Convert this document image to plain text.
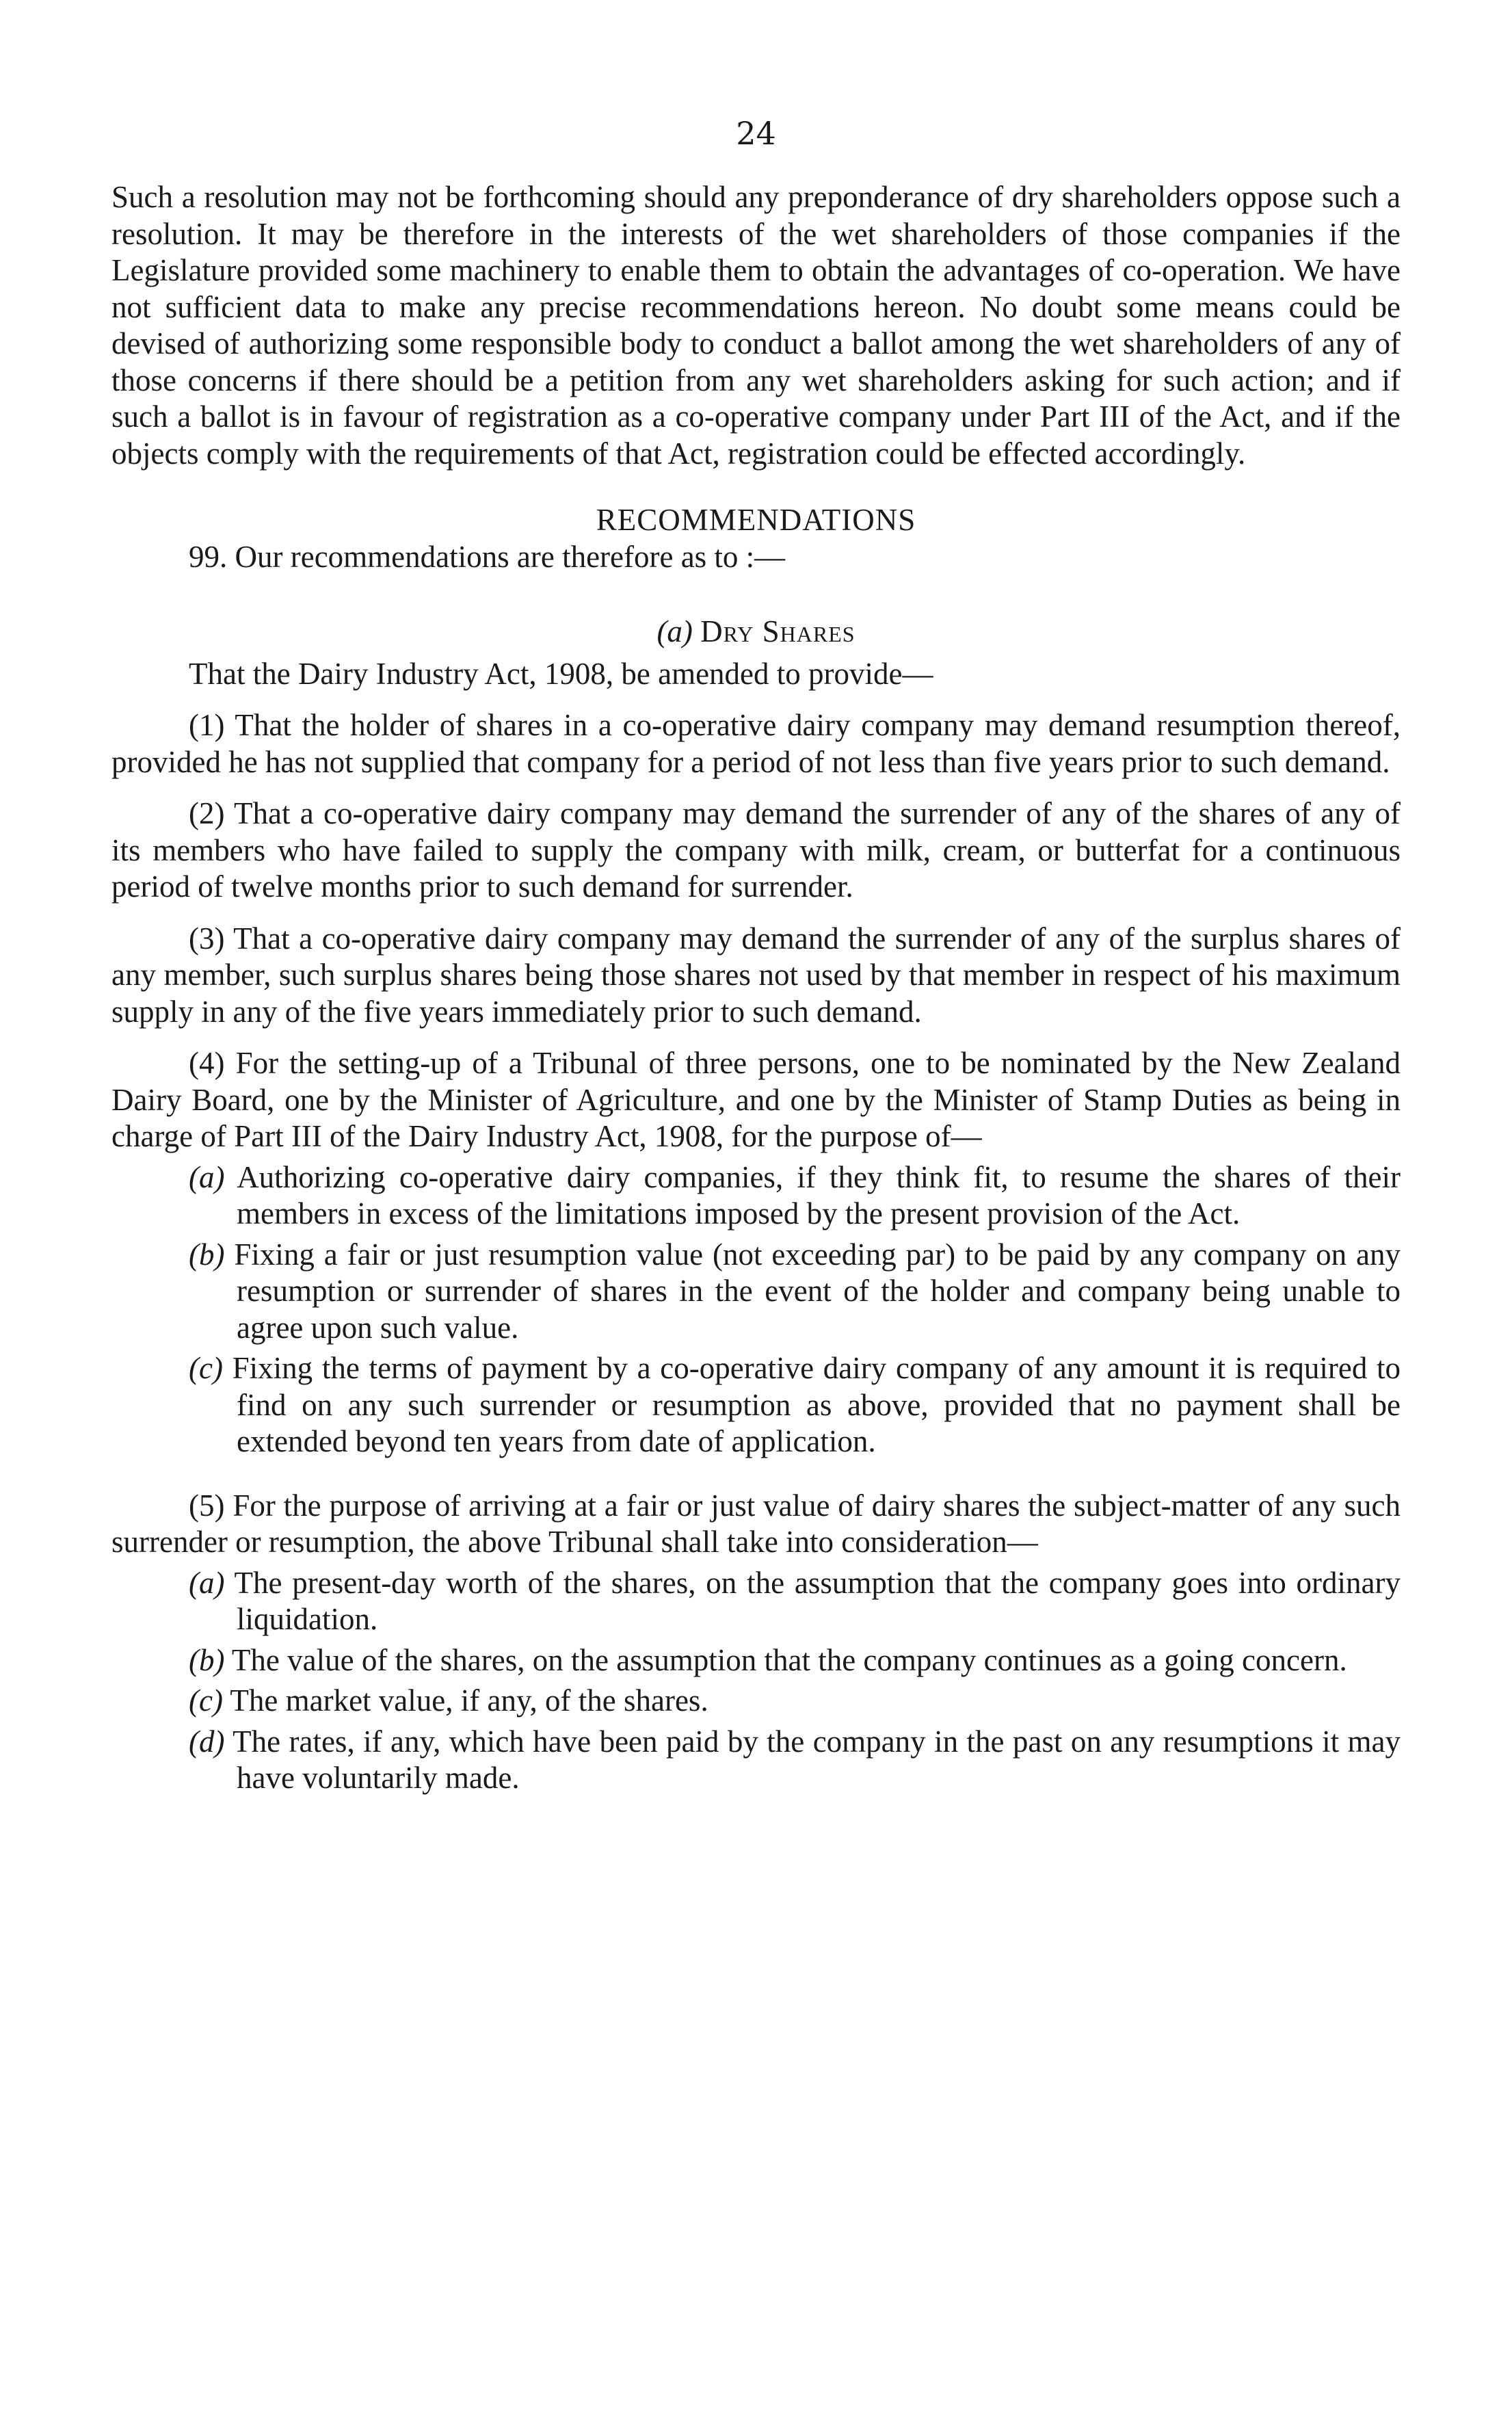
24

Such a resolution may not be forthcoming should any preponderance of dry shareholders oppose such a resolution. It may be therefore in the interests of the wet shareholders of those companies if the Legislature provided some machinery to enable them to obtain the advantages of co-operation. We have not sufficient data to make any precise recommendations hereon. No doubt some means could be devised of authorizing some responsible body to conduct a ballot among the wet shareholders of any of those concerns if there should be a petition from any wet shareholders asking for such action; and if such a ballot is in favour of registration as a co-operative company under Part III of the Act, and if the objects comply with the requirements of that Act, registration could be effected accordingly.

RECOMMENDATIONS

99. Our recommendations are therefore as to :—

(a) Dry Shares

That the Dairy Industry Act, 1908, be amended to provide—

(1) That the holder of shares in a co-operative dairy company may demand resumption thereof, provided he has not supplied that company for a period of not less than five years prior to such demand.

(2) That a co-operative dairy company may demand the surrender of any of the shares of any of its members who have failed to supply the company with milk, cream, or butterfat for a continuous period of twelve months prior to such demand for surrender.

(3) That a co-operative dairy company may demand the surrender of any of the surplus shares of any member, such surplus shares being those shares not used by that member in respect of his maximum supply in any of the five years immediately prior to such demand.

(4) For the setting-up of a Tribunal of three persons, one to be nominated by the New Zealand Dairy Board, one by the Minister of Agriculture, and one by the Minister of Stamp Duties as being in charge of Part III of the Dairy Industry Act, 1908, for the purpose of—

(a) Authorizing co-operative dairy companies, if they think fit, to resume the shares of their members in excess of the limitations imposed by the present provision of the Act.

(b) Fixing a fair or just resumption value (not exceeding par) to be paid by any company on any resumption or surrender of shares in the event of the holder and company being unable to agree upon such value.

(c) Fixing the terms of payment by a co-operative dairy company of any amount it is required to find on any such surrender or resumption as above, provided that no payment shall be extended beyond ten years from date of application.

(5) For the purpose of arriving at a fair or just value of dairy shares the subject-matter of any such surrender or resumption, the above Tribunal shall take into consideration—

(a) The present-day worth of the shares, on the assumption that the company goes into ordinary liquidation.

(b) The value of the shares, on the assumption that the company continues as a going concern.

(c) The market value, if any, of the shares.

(d) The rates, if any, which have been paid by the company in the past on any resumptions it may have voluntarily made.
